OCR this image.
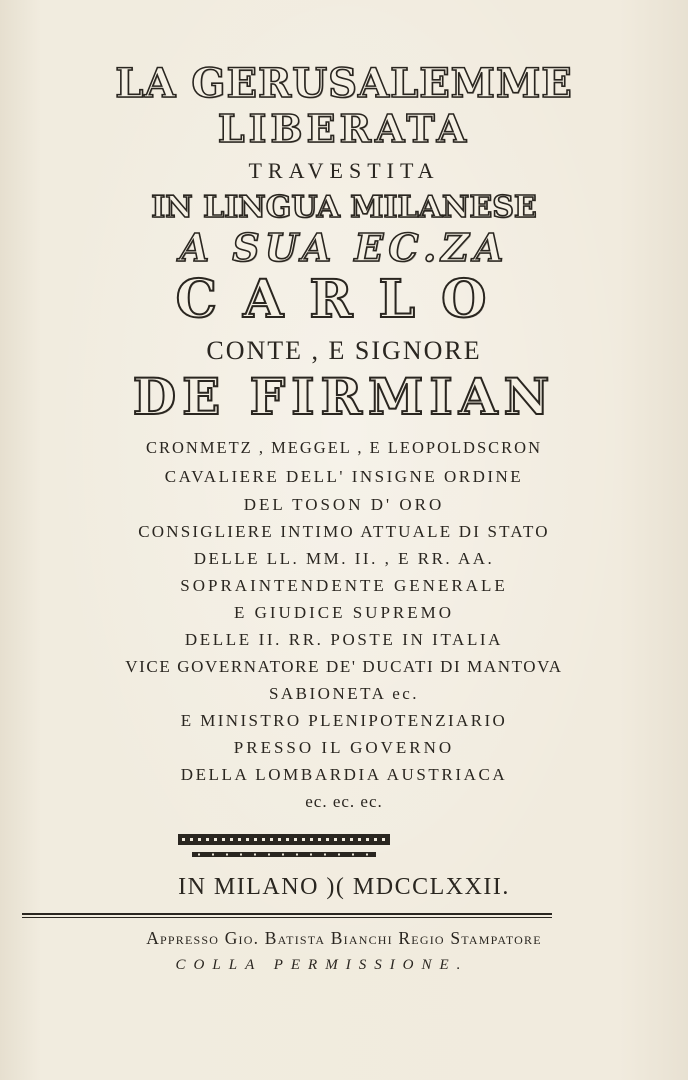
LA GERUSALEMME
LIBERATA
TRAVESTITA
IN LINGUA MILANESE
A SUA EC.ZA
CARLO
CONTE , E SIGNORE
DE FIRMIAN
CRONMETZ , MEGGEL , E LEOPOLDSCRON
CAVALIERE DELL' INSIGNE ORDINE
DEL TOSON D' ORO
CONSIGLIERE INTIMO ATTUALE DI STATO
DELLE LL. MM. II. , E RR. AA.
SOPRAINTENDENTE GENERALE
E GIUDICE SUPREMO
DELLE II. RR. POSTE IN ITALIA
VICE GOVERNATORE DE' DUCATI DI MANTOVA
SABIONETA ec.
E MINISTRO PLENIPOTENZIARIO
PRESSO IL GOVERNO
DELLA LOMBARDIA AUSTRIACA
ec. ec. ec.
IN MILANO )( MDCCLXXII.
Appresso Gio. Batista Bianchi Regio Stampatore
COLLA PERMISSIONE.
